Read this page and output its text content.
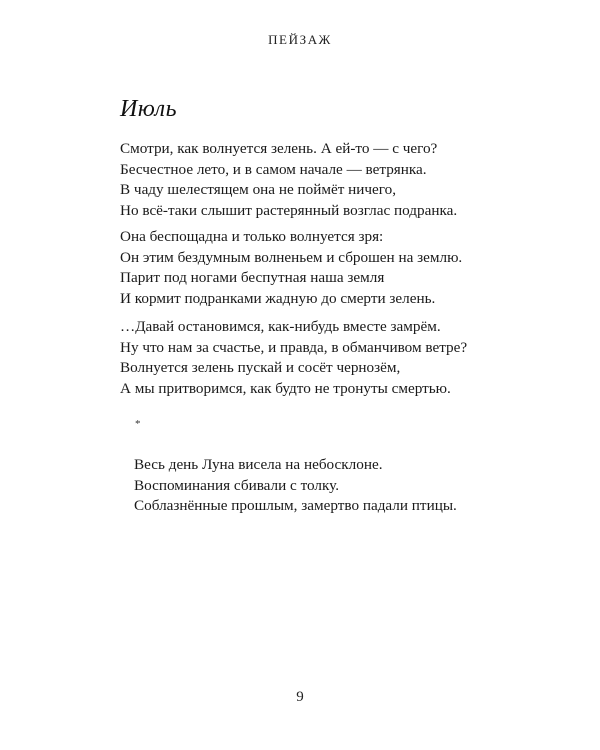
ПЕЙЗАЖ
Июль
Смотри, как волнуется зелень. А ей-то — с чего?
Бесчестное лето, и в самом начале — ветрянка.
В чаду шелестящем она не поймёт ничего,
Но всё-таки слышит растерянный возглас подранка.
Она беспощадна и только волнуется зря:
Он этим бездумным волненьем и сброшен на землю.
Парит под ногами беспутная наша земля
И кормит подранками жадную до смерти зелень.
…Давай остановимся, как-нибудь вместе замрём.
Ну что нам за счастье, и правда, в обманчивом ветре?
Волнуется зелень пускай и сосёт чернозём,
А мы притворимся, как будто не тронуты смертью.
*
Весь день Луна висела на небосклоне.
Воспоминания сбивали с толку.
Соблазнённые прошлым, замертво падали птицы.
9
